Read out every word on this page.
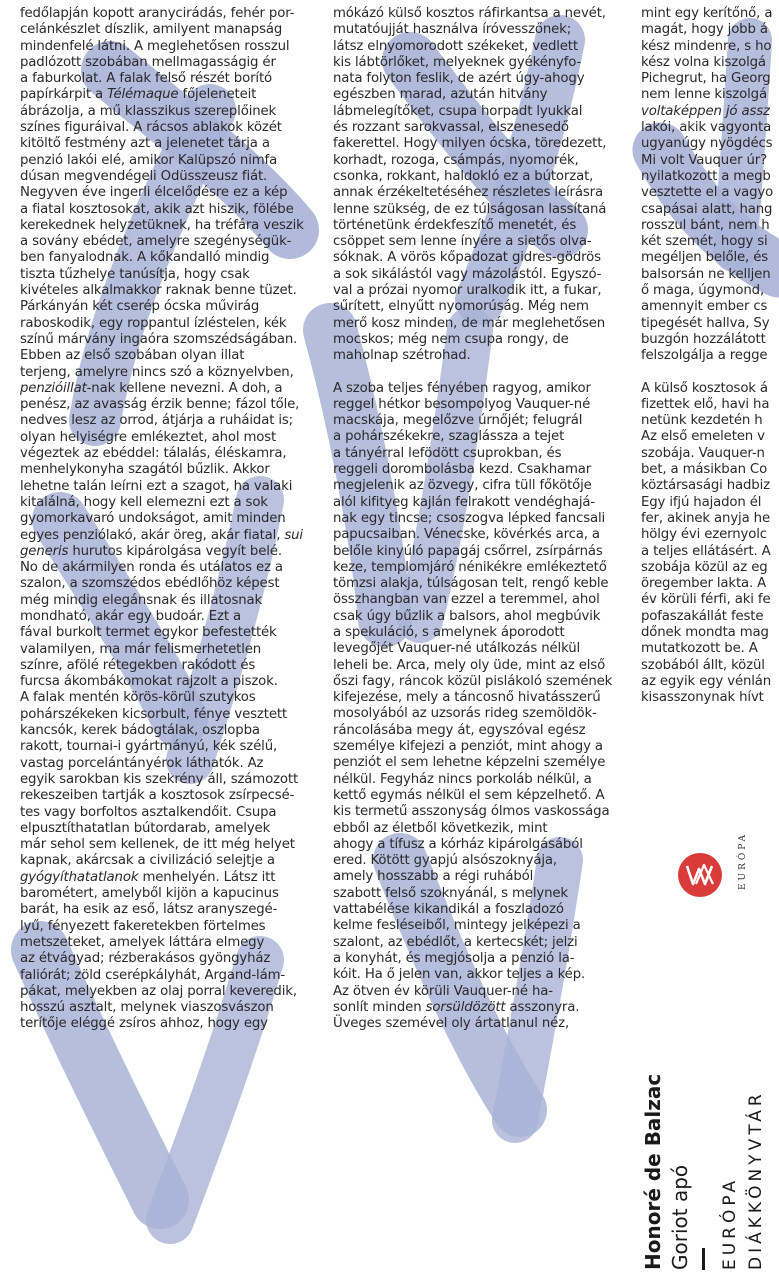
fedőlapján kopott aranycirádás, fehér por-

celánkészlet díszlik, amilyent manapság

mindenfelé látni. A meglehetősen rosszul

padlózott szobában mellmagasságig ér

a faburkolat. A falak felső részét borító

papírkárpit a Télémaque főjeleneteit

ábrázolja, a mű klasszikus szereplőinek

színes figuráival. A rácsos ablakok közét

kitöltő festmény azt a jelenetet tárja a

penzió lakói elé, amikor Kalüpszó nimfa

dúsan megvendégeli Odüsszeusz fiát.

Negyven éve ingerli élcelődésre ez a kép

a fiatal kosztosokat, akik azt hiszik, fölébe

kerekednek helyzetüknek, ha tréfára veszik

a sovány ebédet, amelyre szegénységük-

ben fanyalodnak. A kőkandalló mindig

tiszta tűzhelye tanúsítja, hogy csak

kivételes alkalmakkor raknak benne tüzet.

Párkányán két cserép ócska művirág

raboskodik, egy roppantul ízléstelen, kék

színű márvány ingaóra szomszédságában.

Ebben az első szobában olyan illat

terjeng, amelyre nincs szó a köznyelvben,

penzióillat-nak kellene nevezni. A doh, a

penész, az avasság érzik benne; fázol tőle,

nedves lesz az orrod, átjárja a ruháidat is;

olyan helyiségre emlékeztet, ahol most

végeztek az ebéddel: tálalás, éléskamra,

menhelykonyha szagától bűzlik. Akkor

lehetne talán leírni ezt a szagot, ha valaki

kitalálná, hogy kell elemezni ezt a sok

gyomorkavaró undokságot, amit minden

egyes penziólakó, akár öreg, akár fiatal, sui

generis hurutos kipárolgása vegyít belé.

No de akármilyen ronda és utálatos ez a

szalon, a szomszédos ebédlőhöz képest

még mindig elegánsnak és illatosnak

mondható, akár egy budoár. Ezt a

fával burkolt termet egykor befestették

valamilyen, ma már felismerhetetlen

színre, afölé rétegekben rakódott és

furcsa ákombákomokat rajzolt a piszok.

A falak mentén körös-körül szutykos

pohárszékeken kicsorbult, fénye vesztett

kancsók, kerek bádogtálak, oszlopba

rakott, tournai-i gyártmányú, kék szélű,

vastag porcelántányérok láthatók. Az

egyik sarokban kis szekrény áll, számozott

rekeszeiben tartják a kosztosok zsírpecsé-

tes vagy borfoltos asztalkendőit. Csupa

elpusztíthatatlan bútordarab, amelyek

már sehol sem kellenek, de itt még helyet

kapnak, akárcsak a civilizáció selejtje a

gyógyíthatatlanok menhelyén. Látsz itt

barométert, amelyből kijön a kapucinus

barát, ha esik az eső, látsz aranyszegé-

lyű, fényezett fakeretekben förtelmes

metszeteket, amelyek láttára elmegy

az étvágyad; rézberakásos gyöngyház

faliórát; zöld cserépkályhát, Argand-lám-

pákat, melyekben az olaj porral keveredik,

hosszú asztalt, melynek viaszosvászon

terítője eléggé zsíros ahhoz, hogy egy

mókázó külső kosztos ráfirkantsa a nevét,

mutatóujját használva íróvesszőnek;

látsz elnyomorodott székeket, vedlett

kis lábtörlőket, melyeknek gyékényfo-

nata folyton feslik, de azért úgy-ahogy

egészben marad, azután hitvány

lábmelegítőket, csupa horpadt lyukkal

és rozzant sarokvassal, elszenesedő

fakerettel. Hogy milyen ócska, töredezett,

korhadt, rozoga, csámpás, nyomorék,

csonka, rokkant, haldokló ez a bútorzat,

annak érzékeltetéséhez részletes leírásra

lenne szükség, de ez túlságosan lassítaná

történetünk érdekfeszítő menetét, és

csöppet sem lenne ínyére a sietős olva-

sóknak. A vörös kőpadozat gidres-gödrös

a sok sikálástól vagy mázolástól. Egyszó-

val a prózai nyomor uralkodik itt, a fukar,

sűrített, elnyűtt nyomorúság. Még nem

merő kosz minden, de már meglehetősen

mocskos; még nem csupa rongy, de

maholnap szétrohad.

A szoba teljes fényében ragyog, amikor

reggel hétkor besompolyog Vauquer-né

macskája, megelőzve úrnőjét; felugrál

a pohárszékekre, szaglássza a tejet

a tányérral lefödött csuprokban, és

reggeli dorombolásba kezd. Csakhamar

megjelenik az özvegy, cifra tüll főkötője

alól kifityeg kajlán felrakott vendéghajá-

nak egy tincse; csoszogva lépked fancsali

papucsaiban. Vénecske, kövérkés arca, a

belőle kinyúló papagáj csőrrel, zsírpárnás

keze, templomjáró nénikékre emlékeztető

tömzsi alakja, túlságosan telt, rengő keble

összhangban van ezzel a teremmel, ahol

csak úgy bűzlik a balsors, ahol megbúvik

a spekuláció, s amelynek áporodott

levegőjét Vauquer-né utálkozás nélkül

leheli be. Arca, mely oly üde, mint az első

őszi fagy, ráncok közül pislákoló szemének

kifejezése, mely a táncosnő hivatásszerű

mosolyából az uzsorás rideg szemöldök-

ráncolásába megy át, egyszóval egész

személye kifejezi a penziót, mint ahogy a

penziót el sem lehetne képzelni személye

nélkül. Fegyház nincs porkoláb nélkül, a

kettő egymás nélkül el sem képzelhető. A

kis termetű asszonyság ólmos vaskossága

ebből az életből következik, mint

ahogy a tífusz a kórház kipárolgásából

ered. Kötött gyapjú alsószoknyája,

amely hosszabb a régi ruhából

szabott felső szoknyánál, s melynek

vattabélése kikandikál a foszladozó

kelme fesléseiből, mintegy jelképezi a

szalont, az ebédlőt, a kertecskét; jelzi

a konyhát, és megjósolja a penzió la-

kóit. Ha ő jelen van, akkor teljes a kép.

Az ötven év körüli Vauquer-né ha-

sonlít minden sorsüldözött asszonyra.

Üveges szemével oly ártatlanul néz,

mint egy kerítőnő, a

magát, hogy jobb á

kész mindenre, s ho

kész volna kiszolgá

Pichegrut, ha Georg

nem lenne kiszolgá

voltaképpen jó assz

lakói, akik vagyonta

ugyanúgy nyögdécs

Mi volt Vauquer úr?

nyilatkozott a megb

vesztette el a vagyo

csapásai alatt, hang

rosszul bánt, nem h

két szemét, hogy si

megéljen belőle, és

balsorsán ne kelljen

ő maga, úgymond,

amennyit ember cs

tipegését hallva, Sy

buzgón hozzálátott

felszolgálja a regge

A külső kosztosok á

fizettek elő, havi ha

netünk kezdetén h

Az első emeleten v

szobája. Vauquer-n

bet, a másikban Co

köztársasági hadbiz

Egy ifjú hajadon él

fer, akinek anyja he

hölgy évi ezernyolc

a teljes ellátásért. A

szobája közül az eg

öregember lakta. A

év körüli férfi, aki fe

pofaszakállát feste

dőnek mondta mag

mutatkozott be. A

szobából állt, közül

az egyik egy vénlán

kisasszonynak hívt

EURÓPA
Honoré de Balzac Goriot apó EURÓPA DIÁKKÖNYVTÁR
